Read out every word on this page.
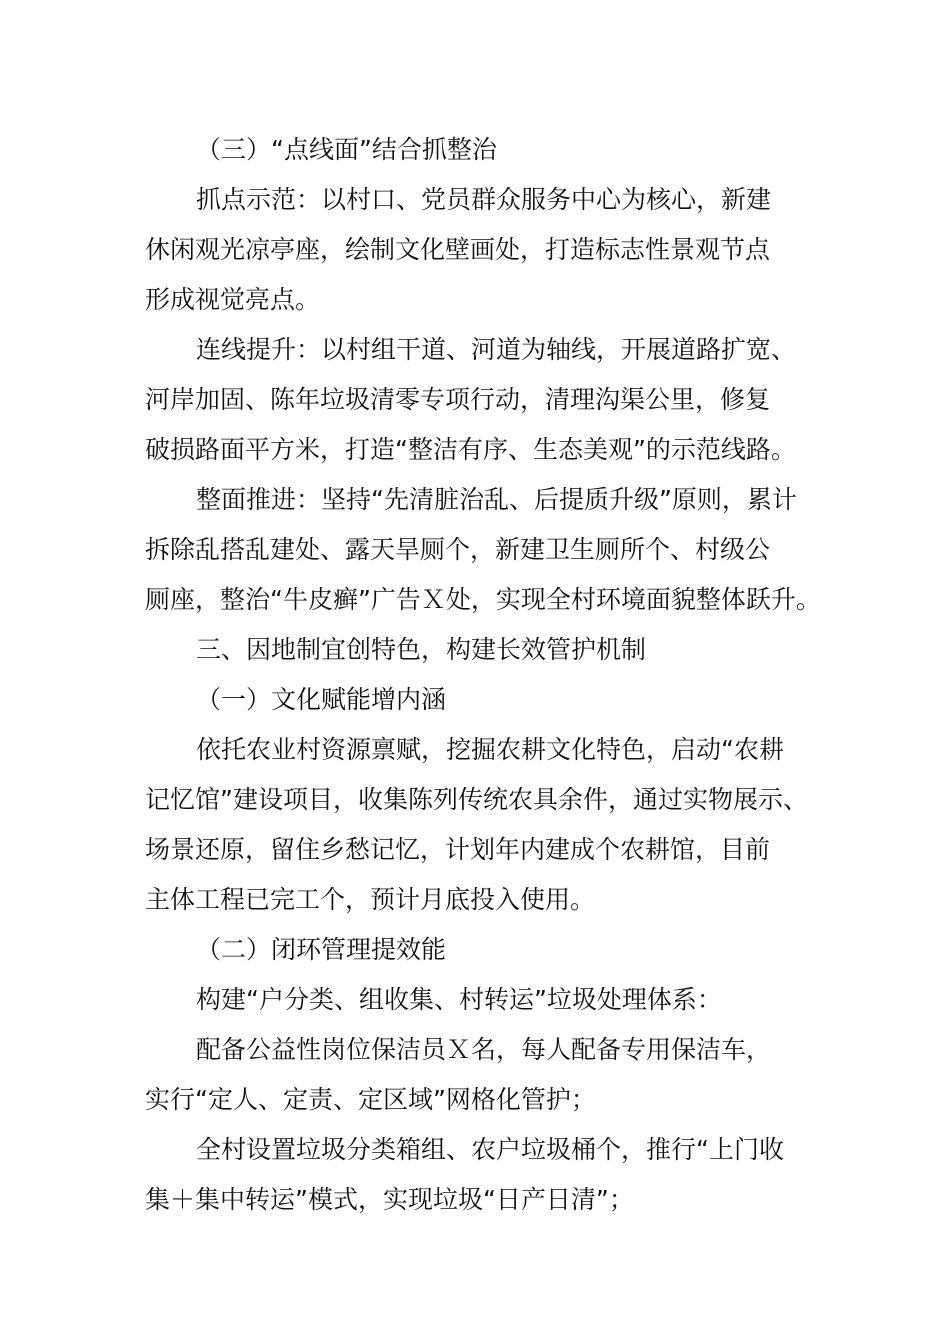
（三）“点线面”结合抓整治
抓点示范：以村口、党员群众服务中心为核心，新建
休闲观光凉亭座，绘制文化壁画处，打造标志性景观节点
形成视觉亮点。
连线提升：以村组干道、河道为轴线，开展道路扩宽、
河岸加固、陈年垃圾清零专项行动，清理沟渠公里，修复
破损路面平方米，打造“整洁有序、生态美观”的示范线路。
整面推进：坚持“先清脏治乱、后提质升级”原则，累计
拆除乱搭乱建处、露天旱厕个，新建卫生厕所个、村级公
厕座，整治“牛皮癣”广告Ｘ处，实现全村环境面貌整体跃升。
三、因地制宜创特色，构建长效管护机制
（一）文化赋能增内涵
依托农业村资源禀赋，挖掘农耕文化特色，启动“农耕
记忆馆”建设项目，收集陈列传统农具余件，通过实物展示、
场景还原，留住乡愁记忆，计划年内建成个农耕馆，目前
主体工程已完工个，预计月底投入使用。
（二）闭环管理提效能
构建“户分类、组收集、村转运”垃圾处理体系：
配备公益性岗位保洁员Ｘ名，每人配备专用保洁车，
实行“定人、定责、定区域”网格化管护；
全村设置垃圾分类箱组、农户垃圾桶个，推行“上门收
集＋集中转运”模式，实现垃圾“日产日清”；
